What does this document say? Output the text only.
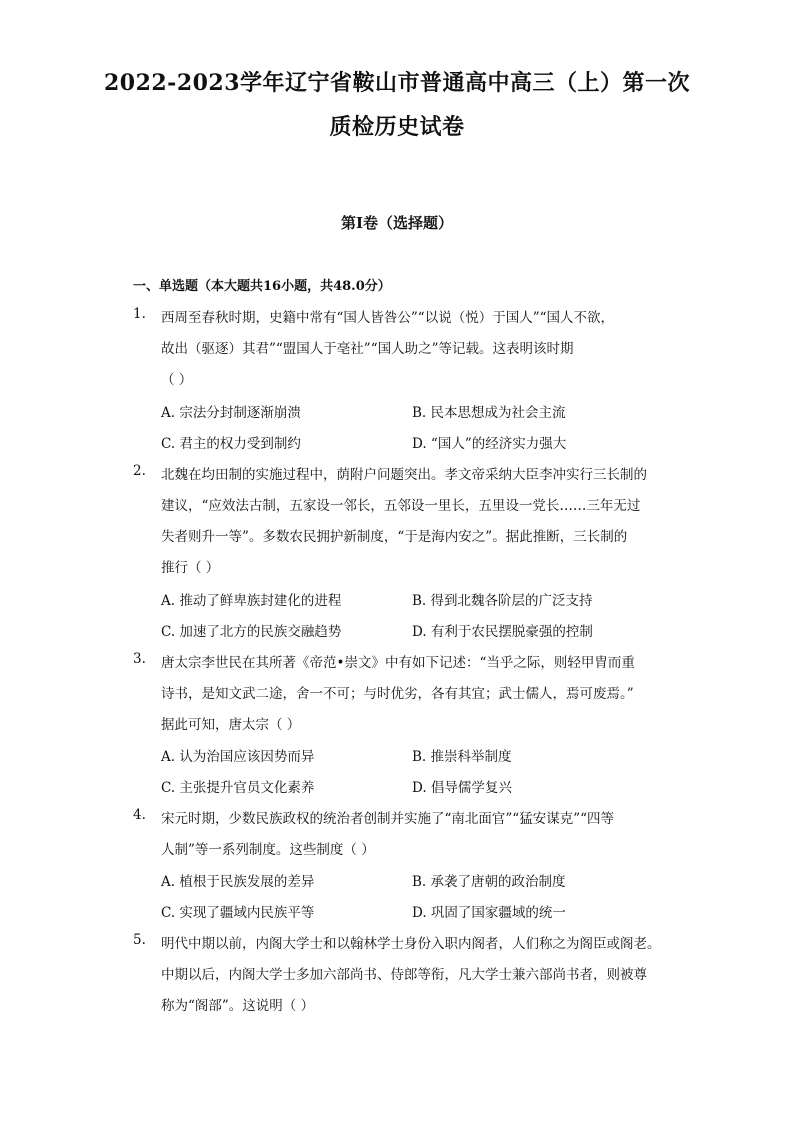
2022-2023学年辽宁省鞍山市普通高中高三（上）第一次
质检历史试卷
第I卷（选择题）
一、单选题（本大题共16小题，共48.0分）
1. 西周至春秋时期，史籍中常有“国人皆咎公”“以说（悦）于国人”“国人不欲，
故出（驱逐）其君”“盟国人于亳社”“国人助之”等记载。这表明该时期
（ ）
A. 宗法分封制逐渐崩溃	B. 民本思想成为社会主流
C. 君主的权力受到制约	D. “国人”的经济实力强大
2. 北魏在均田制的实施过程中，荫附户问题突出。孝文帝采纳大臣李冲实行三长制的
建议，“应效法古制，五家设一邻长，五邻设一里长，五里设一党长……三年无过
失者则升一等”。多数农民拥护新制度，“于是海内安之”。据此推断，三长制的
推行（ ）
A. 推动了鲜卑族封建化的进程	B. 得到北魏各阶层的广泛支持
C. 加速了北方的民族交融趋势	D. 有利于农民摆脱豪强的控制
3. 唐太宗李世民在其所著《帝范•崇文》中有如下记述：“当乎之际，则轻甲胄而重
诗书，是知文武二途，舍一不可；与时优劣，各有其宜；武士儒人，焉可废焉。”
据此可知，唐太宗（ ）
A. 认为治国应该因势而异	B. 推崇科举制度
C. 主张提升官员文化素养	D. 倡导儒学复兴
4. 宋元时期，少数民族政权的统治者创制并实施了“南北面官”“猛安谋克”“四等
人制”等一系列制度。这些制度（ ）
A. 植根于民族发展的差异	B. 承袭了唐朝的政治制度
C. 实现了疆域内民族平等	D. 巩固了国家疆域的统一
5. 明代中期以前，内阁大学士和以翰林学士身份入职内阁者，人们称之为阁臣或阁老。
中期以后，内阁大学士多加六部尚书、侍郎等衔，凡大学士兼六部尚书者，则被尊
称为“阁部”。这说明（ ）
